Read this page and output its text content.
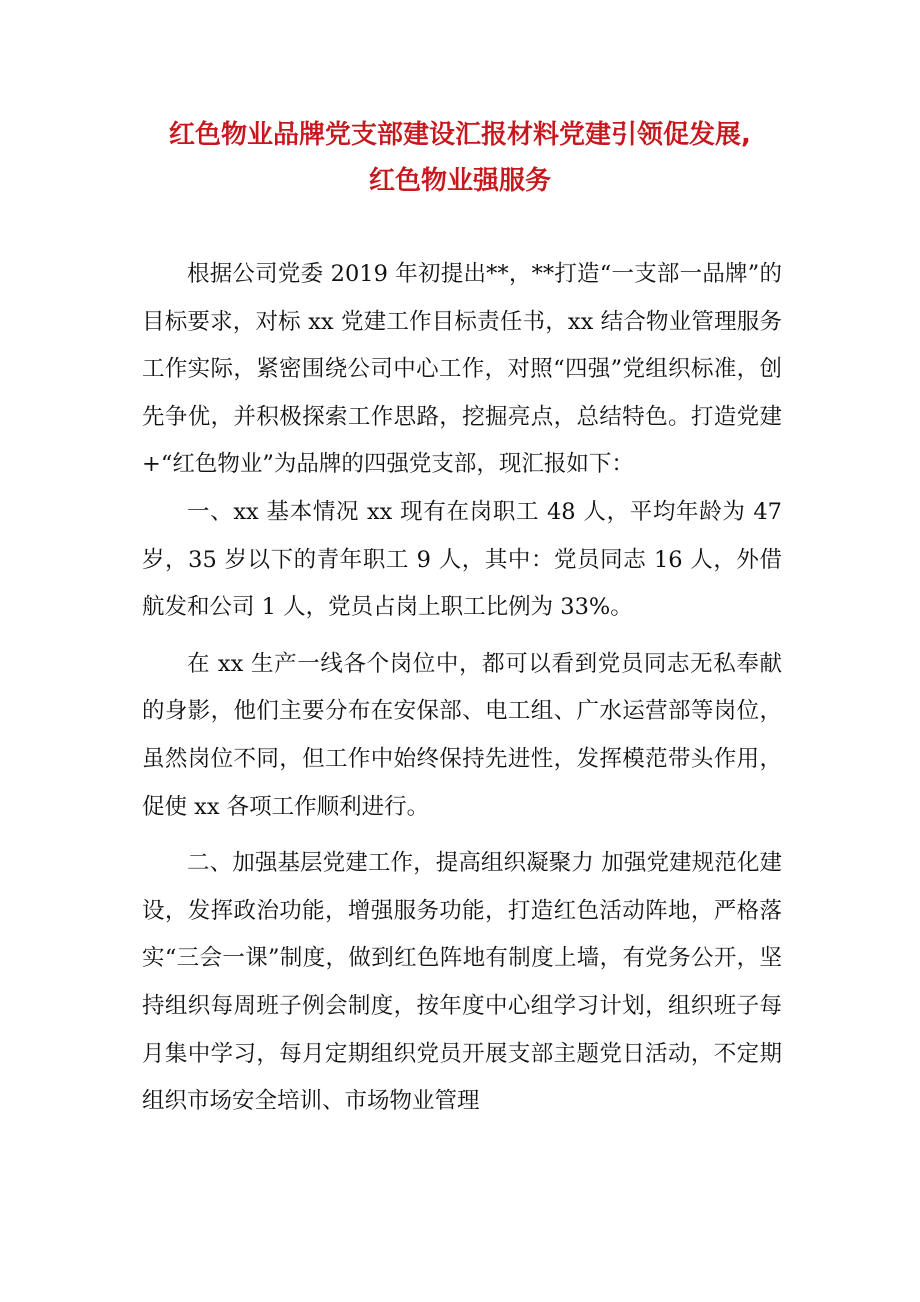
红色物业品牌党支部建设汇报材料党建引领促发展,
红色物业强服务

根据公司党委 2019 年初提出**，**打造“一支部一品牌”的目标要求，对标 xx 党建工作目标责任书，xx 结合物业管理服务工作实际，紧密围绕公司中心工作，对照“四强”党组织标准，创先争优，并积极探索工作思路，挖掘亮点，总结特色。打造党建+“红色物业”为品牌的四强党支部，现汇报如下：

一、xx 基本情况 xx 现有在岗职工 48 人，平均年龄为 47 岁，35 岁以下的青年职工 9 人，其中：党员同志 16 人，外借航发和公司 1 人，党员占岗上职工比例为 33%。

在 xx 生产一线各个岗位中，都可以看到党员同志无私奉献的身影，他们主要分布在安保部、电工组、广水运营部等岗位，虽然岗位不同，但工作中始终保持先进性，发挥模范带头作用，促使 xx 各项工作顺利进行。

二、加强基层党建工作，提高组织凝聚力 加强党建规范化建设，发挥政治功能，增强服务功能，打造红色活动阵地，严格落实“三会一课”制度，做到红色阵地有制度上墙，有党务公开，坚持组织每周班子例会制度，按年度中心组学习计划，组织班子每月集中学习，每月定期组织党员开展支部主题党日活动，不定期组织市场安全培训、市场物业管理
